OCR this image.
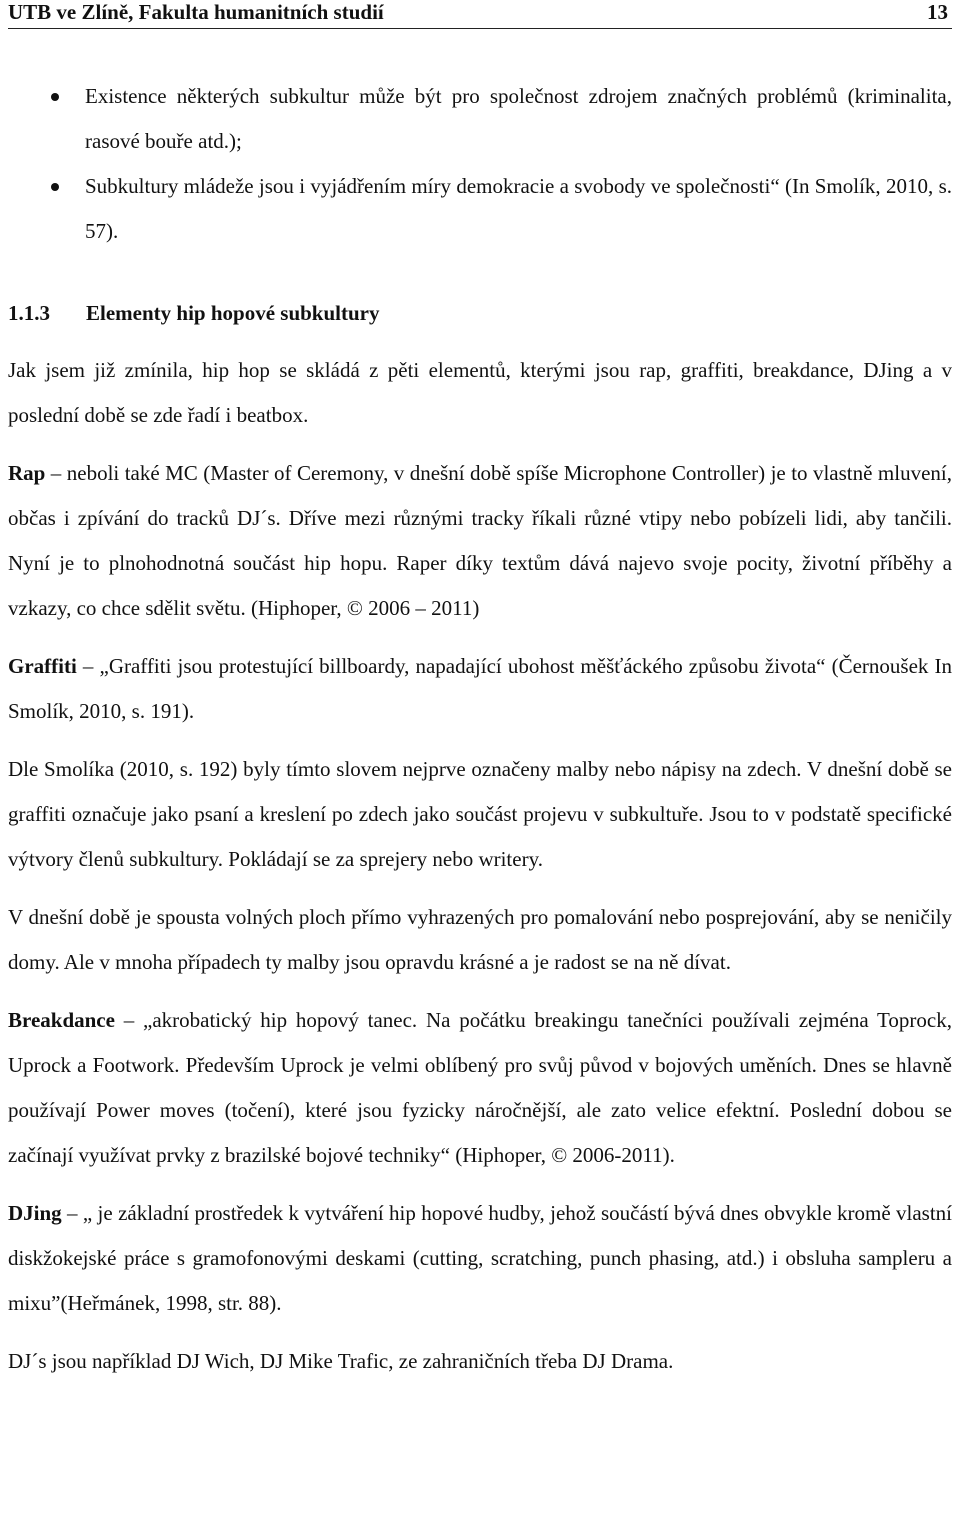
UTB ve Zlíně, Fakulta humanitních studií	13
Existence některých subkultur může být pro společnost zdrojem značných problémů (kriminalita, rasové bouře atd.);
Subkultury mládeže jsou i vyjádřením míry demokracie a svobody ve společnosti“ (In Smolík, 2010, s. 57).
1.1.3 Elementy hip hopové subkultury

Jak jsem již zmínila, hip hop se skládá z pěti elementů, kterými jsou rap, graffiti, breakdance, DJing a v poslední době se zde řadí i beatbox.

Rap – neboli také MC (Master of Ceremony, v dnešní době spíše Microphone Controller) je to vlastně mluvení, občas i zpívání do tracků DJ´s. Dříve mezi různými tracky říkali různé vtipy nebo pobízeli lidi, aby tančili. Nyní je to plnohodnotná součást hip hopu. Raper díky textům dává najevo svoje pocity, životní příběhy a vzkazy, co chce sdělit světu. (Hiphoper, © 2006 – 2011)

Graffiti – „Graffiti jsou protestující billboardy, napadající ubohost měšťáckého způsobu života“ (Černoušek In Smolík, 2010, s. 191).

Dle Smolíka (2010, s. 192) byly tímto slovem nejprve označeny malby nebo nápisy na zdech. V dnešní době se graffiti označuje jako psaní a kreslení po zdech jako součást projevu v subkultuře. Jsou to v podstatě specifické výtvory členů subkultury. Pokládají se za sprejery nebo writery.

V dnešní době je spousta volných ploch přímo vyhrazených pro pomalování nebo posprejování, aby se neničily domy. Ale v mnoha případech ty malby jsou opravdu krásné a je radost se na ně dívat.

Breakdance – „akrobatický hip hopový tanec. Na počátku breakingu tanečníci používali zejména Toprock, Uprock a Footwork. Především Uprock je velmi oblíbený pro svůj původ v bojových uměních. Dnes se hlavně používají Power moves (točení), které jsou fyzicky náročnější, ale zato velice efektní. Poslední dobou se začínají využívat prvky z brazilské bojové techniky“ (Hiphoper, © 2006-2011).

DJing – „ je základní prostředek k vytváření hip hopové hudby, jehož součástí bývá dnes obvykle kromě vlastní diskžokejské práce s gramofonovými deskami (cutting, scratching, punch phasing, atd.) i obsluha sampleru a mixu”(Heřmánek, 1998, str. 88).

DJ´s jsou například DJ Wich, DJ Mike Trafic, ze zahraničních třeba DJ Drama.
